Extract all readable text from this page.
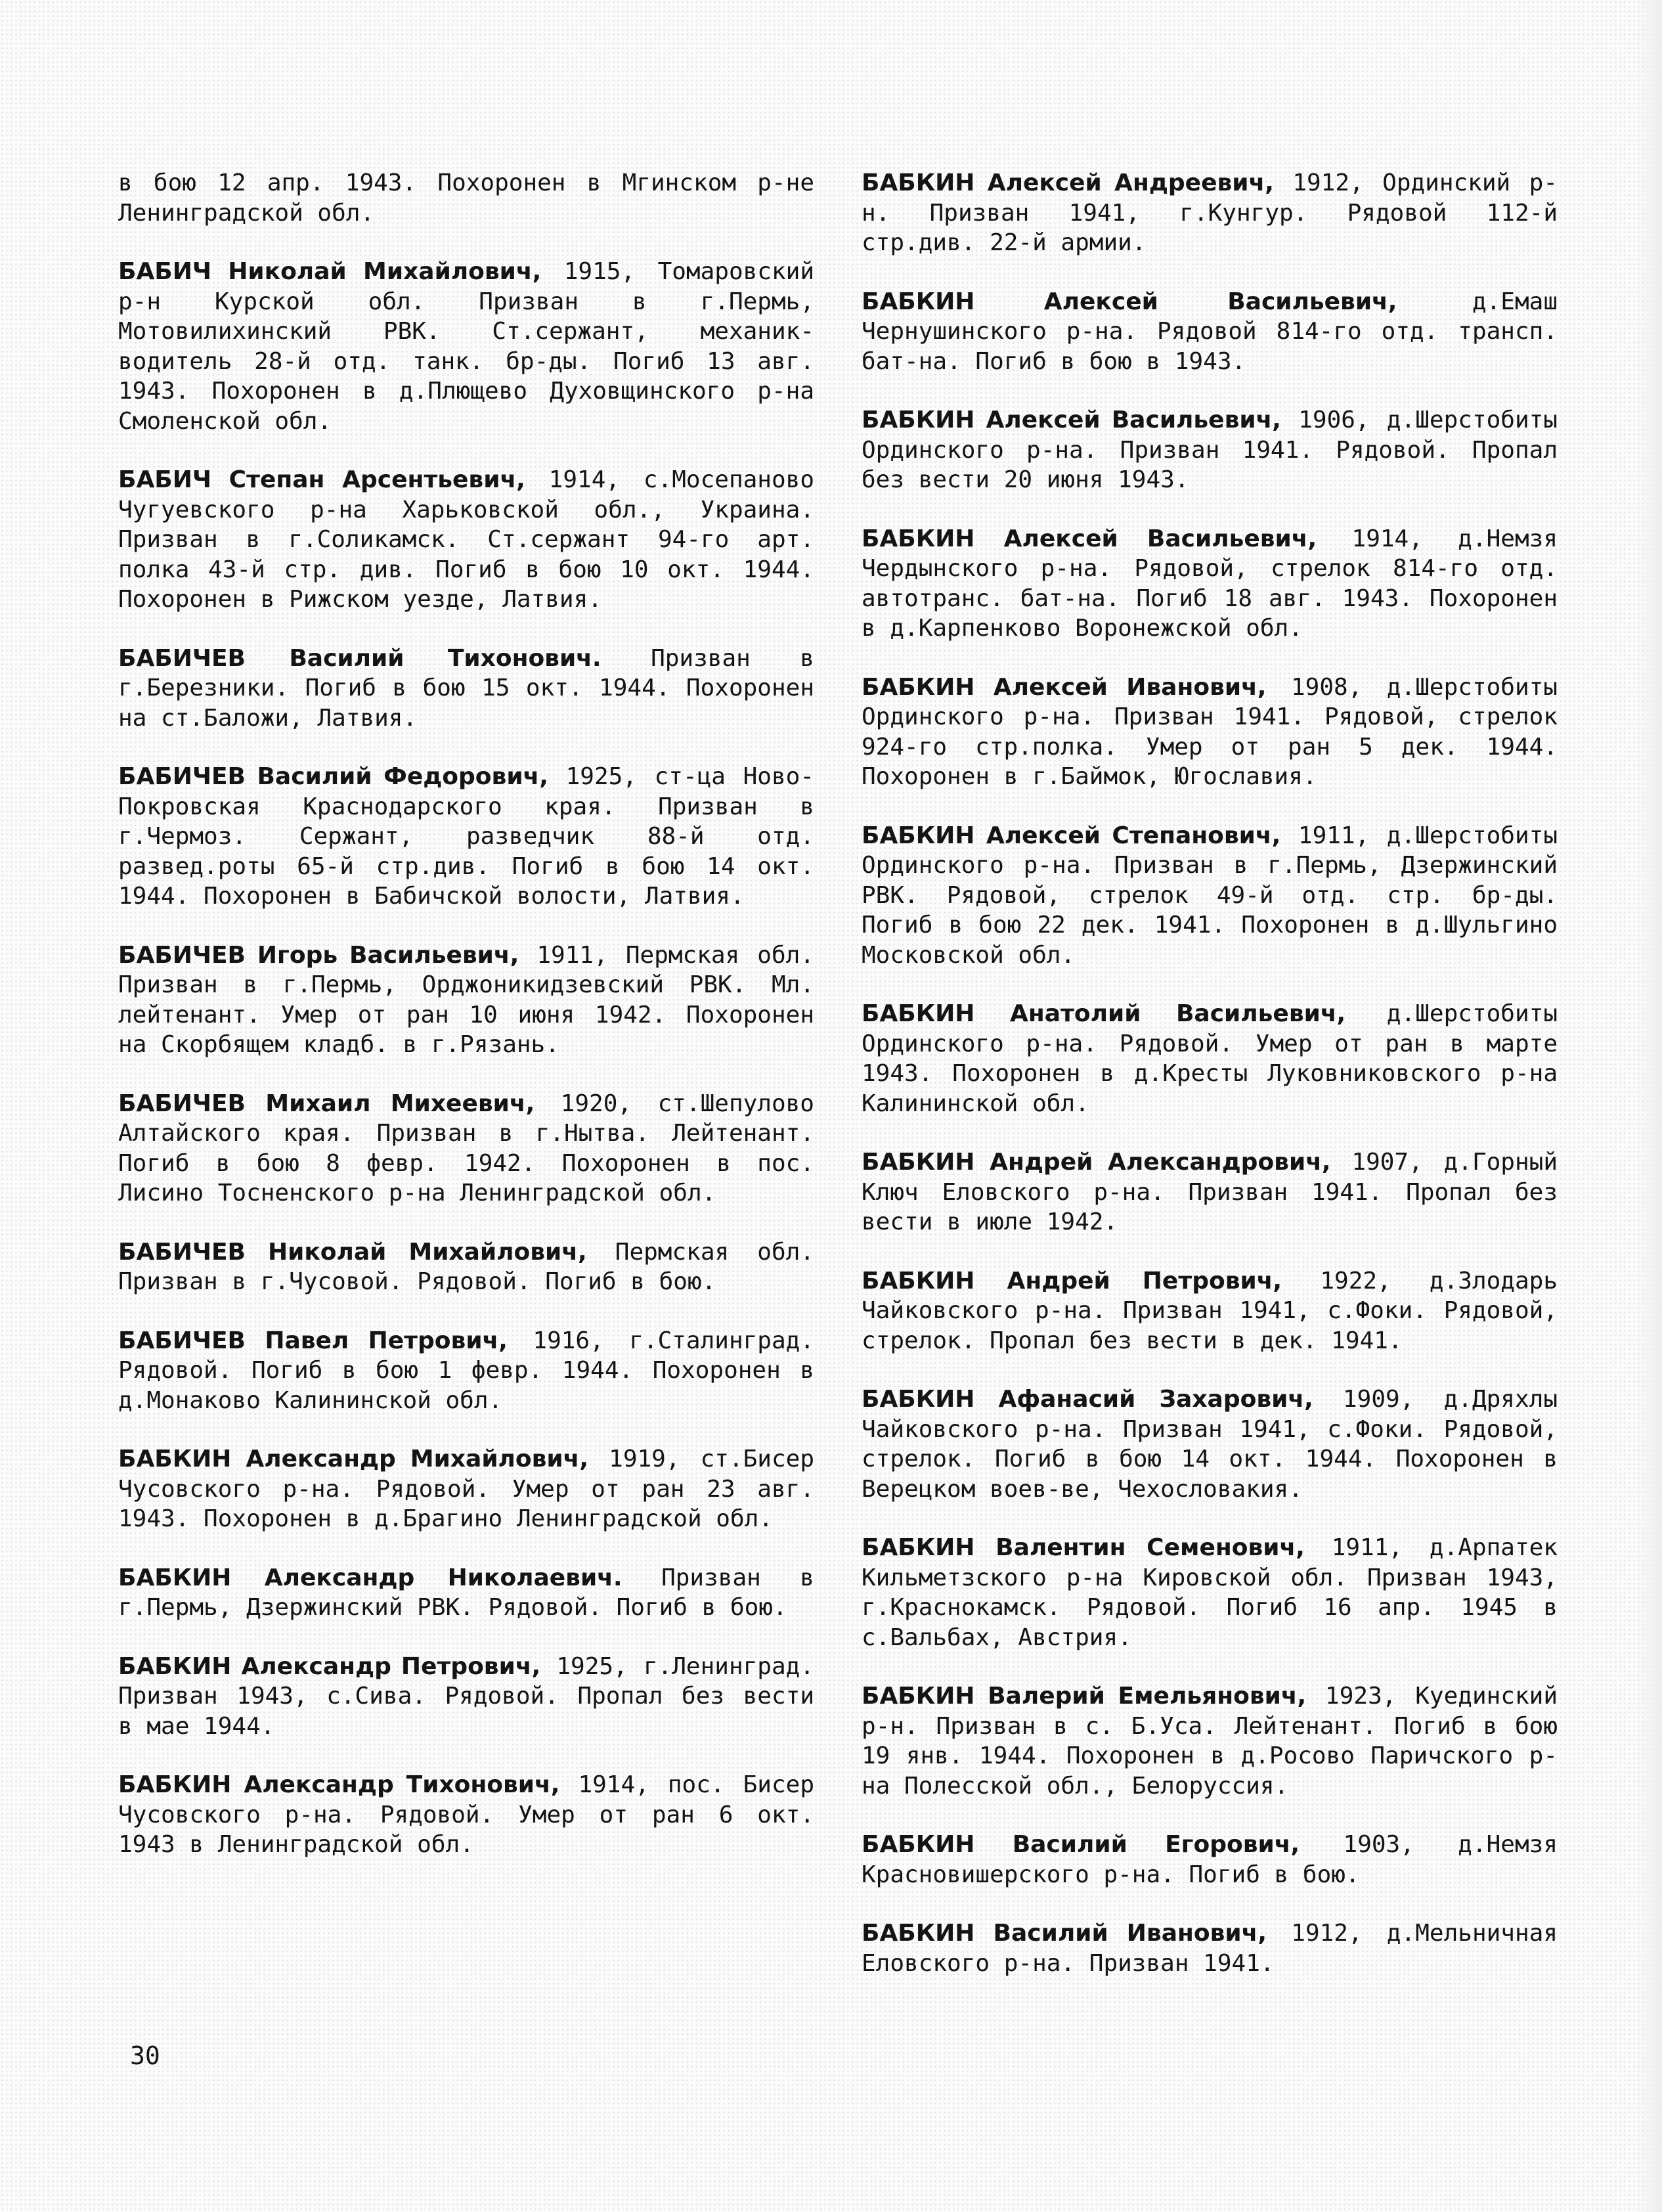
в бою 12 апр. 1943. Похоронен в Мгинском р-не Ленинградской обл.

БАБИЧ Николай Михайлович, 1915, Томаровский р-н Курской обл. Призван в г.Пермь, Мотовилихинский РВК. Ст.сержант, механик-водитель 28-й отд. танк. бр-ды. Погиб 13 авг. 1943. Похоронен в д.Плющево Духовщинского р-на Смоленской обл.

БАБИЧ Степан Арсентьевич, 1914, с.Мосепаново Чугуевского р-на Харьковской обл., Украина. Призван в г.Соликамск. Ст.сержант 94-го арт. полка 43-й стр. див. Погиб в бою 10 окт. 1944. Похоронен в Рижском уезде, Латвия.

БАБИЧЕВ Василий Тихонович. Призван в г.Березники. Погиб в бою 15 окт. 1944. Похоронен на ст.Баложи, Латвия.

БАБИЧЕВ Василий Федорович, 1925, ст-ца Ново-Покровская Краснодарского края. Призван в г.Чермоз. Сержант, разведчик 88-й отд. развед.роты 65-й стр.див. Погиб в бою 14 окт. 1944. Похоронен в Бабичской волости, Латвия.

БАБИЧЕВ Игорь Васильевич, 1911, Пермская обл. Призван в г.Пермь, Орджоникидзевский РВК. Мл. лейтенант. Умер от ран 10 июня 1942. Похоронен на Скорбящем кладб. в г.Рязань.

БАБИЧЕВ Михаил Михеевич, 1920, ст.Шепулово Алтайского края. Призван в г.Нытва. Лейтенант. Погиб в бою 8 февр. 1942. Похоронен в пос. Лисино Тосненского р-на Ленинградской обл.

БАБИЧЕВ Николай Михайлович, Пермская обл. Призван в г.Чусовой. Рядовой. Погиб в бою.

БАБИЧЕВ Павел Петрович, 1916, г.Сталинград. Рядовой. Погиб в бою 1 февр. 1944. Похоронен в д.Монаково Калининской обл.

БАБКИН Александр Михайлович, 1919, ст.Бисер Чусовского р-на. Рядовой. Умер от ран 23 авг. 1943. Похоронен в д.Брагино Ленинградской обл.

БАБКИН Александр Николаевич. Призван в г.Пермь, Дзержинский РВК. Рядовой. Погиб в бою.

БАБКИН Александр Петрович, 1925, г.Ленинград. Призван 1943, с.Сива. Рядовой. Пропал без вести в мае 1944.

БАБКИН Александр Тихонович, 1914, пос. Бисер Чусовского р-на. Рядовой. Умер от ран 6 окт. 1943 в Ленинградской обл.

БАБКИН Алексей Андреевич, 1912, Ординский р-н. Призван 1941, г.Кунгур. Рядовой 112-й стр.див. 22-й армии.

БАБКИН Алексей Васильевич, д.Емаш Чернушинского р-на. Рядовой 814-го отд. трансп. бат-на. Погиб в бою в 1943.

БАБКИН Алексей Васильевич, 1906, д.Шерстобиты Ординского р-на. Призван 1941. Рядовой. Пропал без вести 20 июня 1943.

БАБКИН Алексей Васильевич, 1914, д.Немзя Чердынского р-на. Рядовой, стрелок 814-го отд. автотранс. бат-на. Погиб 18 авг. 1943. Похоронен в д.Карпенково Воронежской обл.

БАБКИН Алексей Иванович, 1908, д.Шерстобиты Ординского р-на. Призван 1941. Рядовой, стрелок 924-го стр.полка. Умер от ран 5 дек. 1944. Похоронен в г.Баймок, Югославия.

БАБКИН Алексей Степанович, 1911, д.Шерстобиты Ординского р-на. Призван в г.Пермь, Дзержинский РВК. Рядовой, стрелок 49-й отд. стр. бр-ды. Погиб в бою 22 дек. 1941. Похоронен в д.Шульгино Московской обл.

БАБКИН Анатолий Васильевич, д.Шерстобиты Ординского р-на. Рядовой. Умер от ран в марте 1943. Похоронен в д.Кресты Луковниковского р-на Калининской обл.

БАБКИН Андрей Александрович, 1907, д.Горный Ключ Еловского р-на. Призван 1941. Пропал без вести в июле 1942.

БАБКИН Андрей Петрович, 1922, д.Злодарь Чайковского р-на. Призван 1941, с.Фоки. Рядовой, стрелок. Пропал без вести в дек. 1941.

БАБКИН Афанасий Захарович, 1909, д.Дряхлы Чайковского р-на. Призван 1941, с.Фоки. Рядовой, стрелок. Погиб в бою 14 окт. 1944. Похоронен в Верецком воев-ве, Чехословакия.

БАБКИН Валентин Семенович, 1911, д.Арпатек Кильметзского р-на Кировской обл. Призван 1943, г.Краснокамск. Рядовой. Погиб 16 апр. 1945 в с.Вальбах, Австрия.

БАБКИН Валерий Емельянович, 1923, Куединский р-н. Призван в с. Б.Уса. Лейтенант. Погиб в бою 19 янв. 1944. Похоронен в д.Росово Паричского р-на Полесской обл., Белоруссия.

БАБКИН Василий Егорович, 1903, д.Немзя Красновишерского р-на. Погиб в бою.

БАБКИН Василий Иванович, 1912, д.Мельничная Еловского р-на. Призван 1941.

30
